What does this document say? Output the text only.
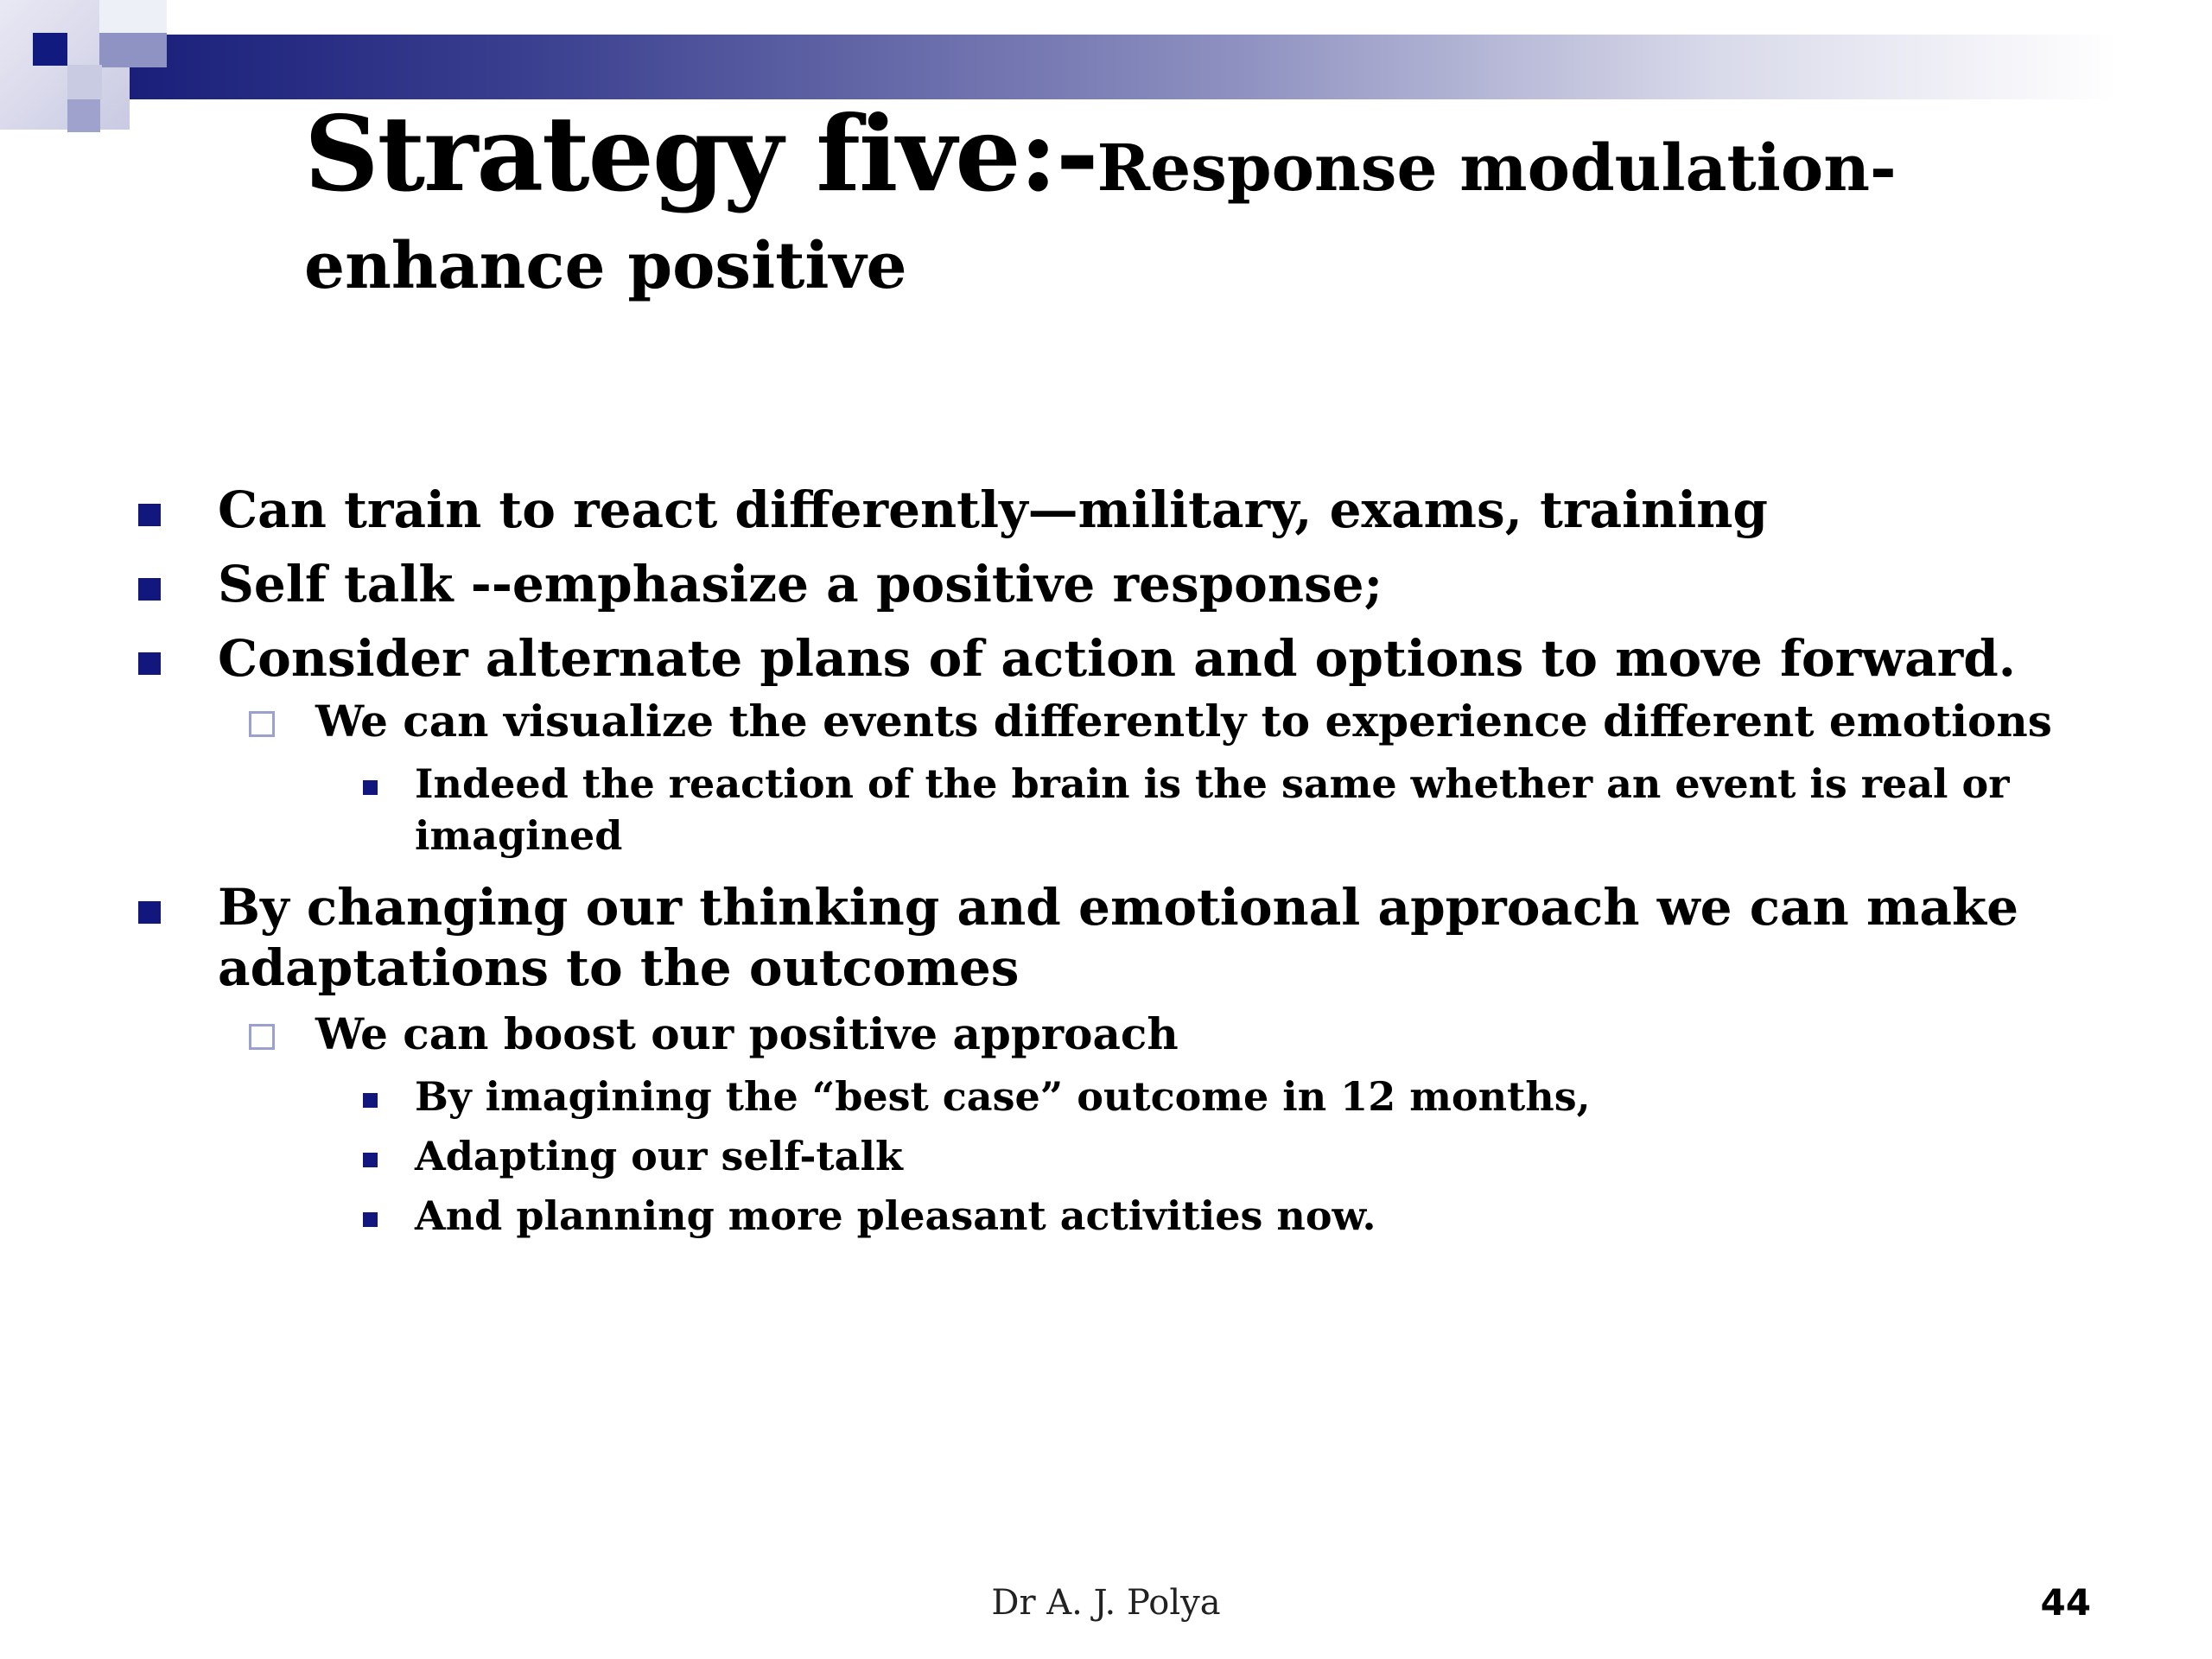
Strategy five:-Response modulation-
enhance positive
Can train to react differently—military, exams, training
Self talk --emphasize a positive response;
Consider alternate plans of action and options to move forward.
We can visualize the events differently to experience different emotions
Indeed the reaction of the brain is the same whether an event is real or imagined
By changing our thinking and emotional approach we can make adaptations to the outcomes
We can boost our positive approach
By imagining the “best case” outcome in 12 months,
Adapting our self-talk
And planning more pleasant activities now.
Dr A. J. Polya	44
